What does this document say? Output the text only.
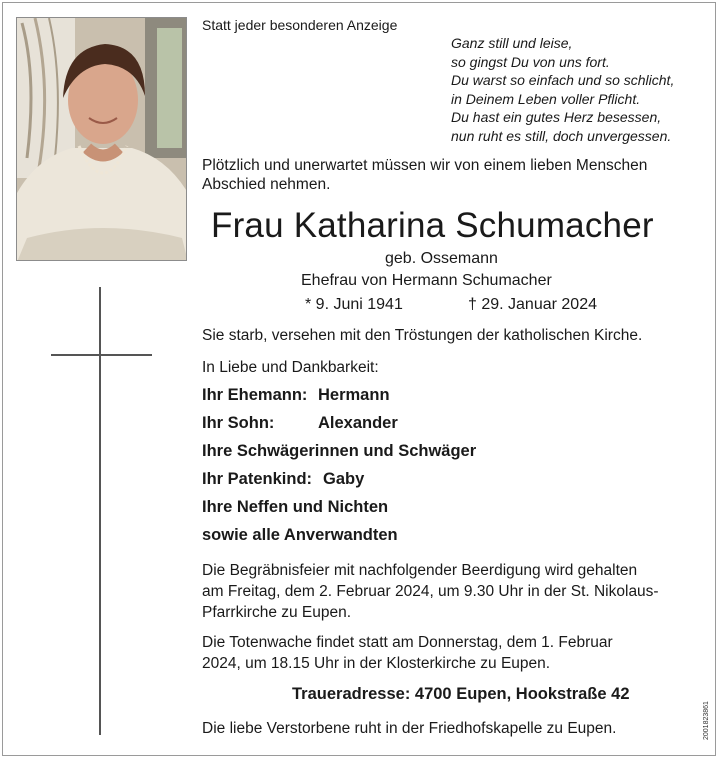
Statt jeder besonderen Anzeige
Ganz still und leise,
so gingst Du von uns fort.
Du warst so einfach und so schlicht,
in Deinem Leben voller Pflicht.
Du hast ein gutes Herz besessen,
nun ruht es still, doch unvergessen.
Plötzlich und unerwartet müssen wir von einem lieben Menschen
Abschied nehmen.
Frau Katharina Schumacher
geb. Ossemann
Ehefrau von Hermann Schumacher
* 9. Juni 1941	† 29. Januar 2024
Sie starb, versehen mit den Tröstungen der katholischen Kirche.
In Liebe und Dankbarkeit:
Ihr Ehemann: Hermann
Ihr Sohn:	Alexander
Ihre Schwägerinnen und Schwäger
Ihr Patenkind: Gaby
Ihre Neffen und Nichten
sowie alle Anverwandten
Die Begräbnisfeier mit nachfolgender Beerdigung wird gehalten
am Freitag, dem 2. Februar 2024, um 9.30 Uhr in der St. Nikolaus-
Pfarrkirche zu Eupen.
Die Totenwache findet statt am Donnerstag, dem 1. Februar
2024, um 18.15 Uhr in der Klosterkirche zu Eupen.
Traueradresse: 4700 Eupen, Hookstraße 42
Die liebe Verstorbene ruht in der Friedhofskapelle zu Eupen.	2001823861
